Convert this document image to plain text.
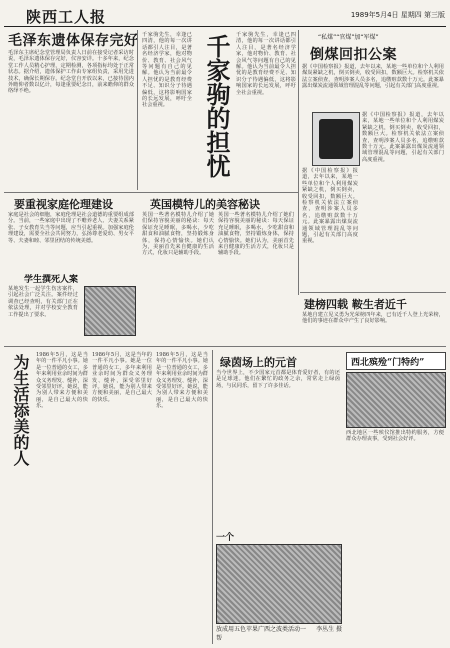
陕西工人报	1989年5月4日 星期四 第三版
毛泽东遗体保存完好
毛泽东主席纪念堂管理局负责人日前在接受记者采访时说，毛泽东遗体保存完好，仪容安详。十多年来，纪念堂工作人员精心护理，定期检测，各项指标均处于正常状态。据介绍，遗体保护工作由专家组负责，采用先进技术，确保长期保存。纪念堂自开放以来，已接待国内外瞻仰者数以亿计，每逢重要纪念日，前来瞻仰的群众络绎不绝。
千家驹先生，幸逢已四清，他的每一次讲话都引人注目，是著名经济学家，他对物价、教育、社会风气等问题有自己的见解。他认为当前最令人担忧的是教育经费不足、知识分子待遇偏低，这将影响国家的长远发展，呼吁全社会重视。	千家驹的担忧 千家驹先生，幸逢已四清，他的每一次讲话都引人注目，是著名经济学家，他对物价、教育、社会风气等问题有自己的见解。他认为当前最令人担忧的是教育经费不足、知识分子待遇偏低，这将影响国家的长远发展，呼吁全社会重视。
“私煤”“官煤”加“军煤”
倒煤回扣公案
据《中国检察报》报道，去年以来，某地一些单位和个人利用煤炭紧缺之机，倒买倒卖，收受回扣，数额巨大。检察机关依法立案侦查，查明涉案人员多名，追缴赃款数十万元。此案暴露出煤炭流通领域管理混乱等问题，引起有关部门高度重视。
据《中国检察报》报道，去年以来，某地一些单位和个人利用煤炭紧缺之机，倒买倒卖，收受回扣，数额巨大。检察机关依法立案侦查，查明涉案人员多名，追缴赃款数十万元。此案暴露出煤炭流通领域管理混乱等问题，引起有关部门高度重视。
据《中国检察报》报道，去年以来，某地一些单位和个人利用煤炭紧缺之机，倒买倒卖，收受回扣，数额巨大。检察机关依法立案侦查，查明涉案人员多名，追缴赃款数十万元。此案暴露出煤炭流通领域管理混乱等问题，引起有关部门高度重视。
要重视家庭伦理建设
家庭是社会的细胞，家庭伦理是社会道德的重要组成部分。当前，一些家庭中出现了不赡养老人、夫妻关系紧张、子女教育失当等问题，应当引起重视。加强家庭伦理建设，需要全社会共同努力，弘扬尊老爱幼、男女平等、夫妻和睦、邻里团结的传统美德。
学生撰死人案
某地发生一起学生伤害案件，引起社会广泛关注。案件经过调查已经查明，有关部门正在依法处理，并对学校安全教育工作提出了要求。
英国模特儿的美容秘诀
英国一些著名模特儿介绍了她们保持容貌美丽的秘诀：每天保证充足睡眠，多喝水，少吃甜食和油腻食物，坚持锻炼身体，保持心情愉快。她们认为，美丽首先来自健康的生活方式，化妆只是辅助手段。
英国一些著名模特儿介绍了她们保持容貌美丽的秘诀：每天保证充足睡眠，多喝水，少吃甜食和油腻食物，坚持锻炼身体，保持心情愉快。她们认为，美丽首先来自健康的生活方式，化妆只是辅助手段。
建榜四载 鞍生者近千
某地自建立见义勇为光荣榜四年来，已有近千人登上光荣榜，他们的事迹在群众中产生了良好影响。
为生活添美的人 1986年5月，这是当年的一件平凡小事。她是一位普通的女工，多年来利用业余时间为群众义务理发、缝补，深受邻里好评。她说，能为别人带来方便和美丽，是自己最大的快乐。
1986年5月，这是当年的一件平凡小事。她是一位普通的女工，多年来利用业余时间为群众义务理发、缝补，深受邻里好评。她说，能为别人带来方便和美丽，是自己最大的快乐。
1986年5月，这是当年的一件平凡小事。她是一位普通的女工，多年来利用业余时间为群众义务理发、缝补，深受邻里好评。她说，能为别人带来方便和美丽，是自己最大的快乐。
绿茵场上的元首
当今世界上，不少国家元首都是体育爱好者，有的还是足球迷。他们在繁忙的政务之余，常常走上绿茵场，与民同乐，留下了许多佳话。
西北殡殓“门特约”
西北地区一些殡仪馆推出特约服务，方便群众办理丧事，受到社会好评。
一个
放成用五色苹果广西之波类活动一帮
李丛生 摄
